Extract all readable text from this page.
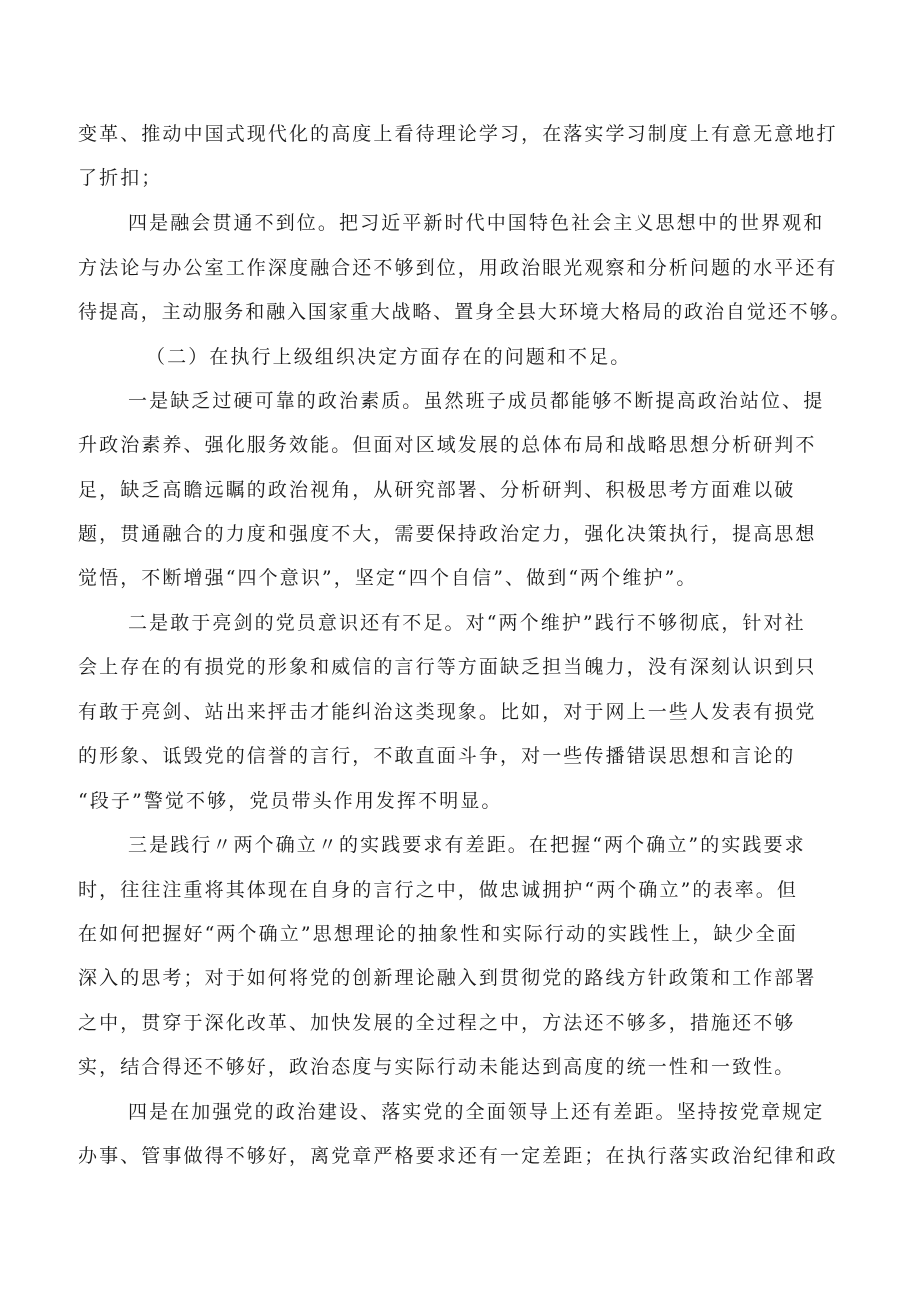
变革、推动中国式现代化的高度上看待理论学习，在落实学习制度上有意无意地打
了折扣；
四是融会贯通不到位。把习近平新时代中国特色社会主义思想中的世界观和
方法论与办公室工作深度融合还不够到位，用政治眼光观察和分析问题的水平还有
待提高，主动服务和融入国家重大战略、置身全县大环境大格局的政治自觉还不够。
（二）在执行上级组织决定方面存在的问题和不足。
一是缺乏过硬可靠的政治素质。虽然班子成员都能够不断提高政治站位、提
升政治素养、强化服务效能。但面对区域发展的总体布局和战略思想分析研判不
足，缺乏高瞻远瞩的政治视角，从研究部署、分析研判、积极思考方面难以破
题，贯通融合的力度和强度不大，需要保持政治定力，强化决策执行，提高思想
觉悟，不断增强“四个意识”，坚定“四个自信”、做到“两个维护”。
二是敢于亮剑的党员意识还有不足。对“两个维护”践行不够彻底，针对社
会上存在的有损党的形象和威信的言行等方面缺乏担当魄力，没有深刻认识到只
有敢于亮剑、站出来抨击才能纠治这类现象。比如，对于网上一些人发表有损党
的形象、诋毁党的信誉的言行，不敢直面斗争，对一些传播错误思想和言论的
“段子”警觉不够，党员带头作用发挥不明显。
三是践行〃两个确立〃的实践要求有差距。在把握“两个确立”的实践要求
时，往往注重将其体现在自身的言行之中，做忠诚拥护“两个确立”的表率。但
在如何把握好“两个确立”思想理论的抽象性和实际行动的实践性上，缺少全面
深入的思考；对于如何将党的创新理论融入到贯彻党的路线方针政策和工作部署
之中，贯穿于深化改革、加快发展的全过程之中，方法还不够多，措施还不够
实，结合得还不够好，政治态度与实际行动未能达到高度的统一性和一致性。
四是在加强党的政治建设、落实党的全面领导上还有差距。坚持按党章规定
办事、管事做得不够好，离党章严格要求还有一定差距；在执行落实政治纪律和政
